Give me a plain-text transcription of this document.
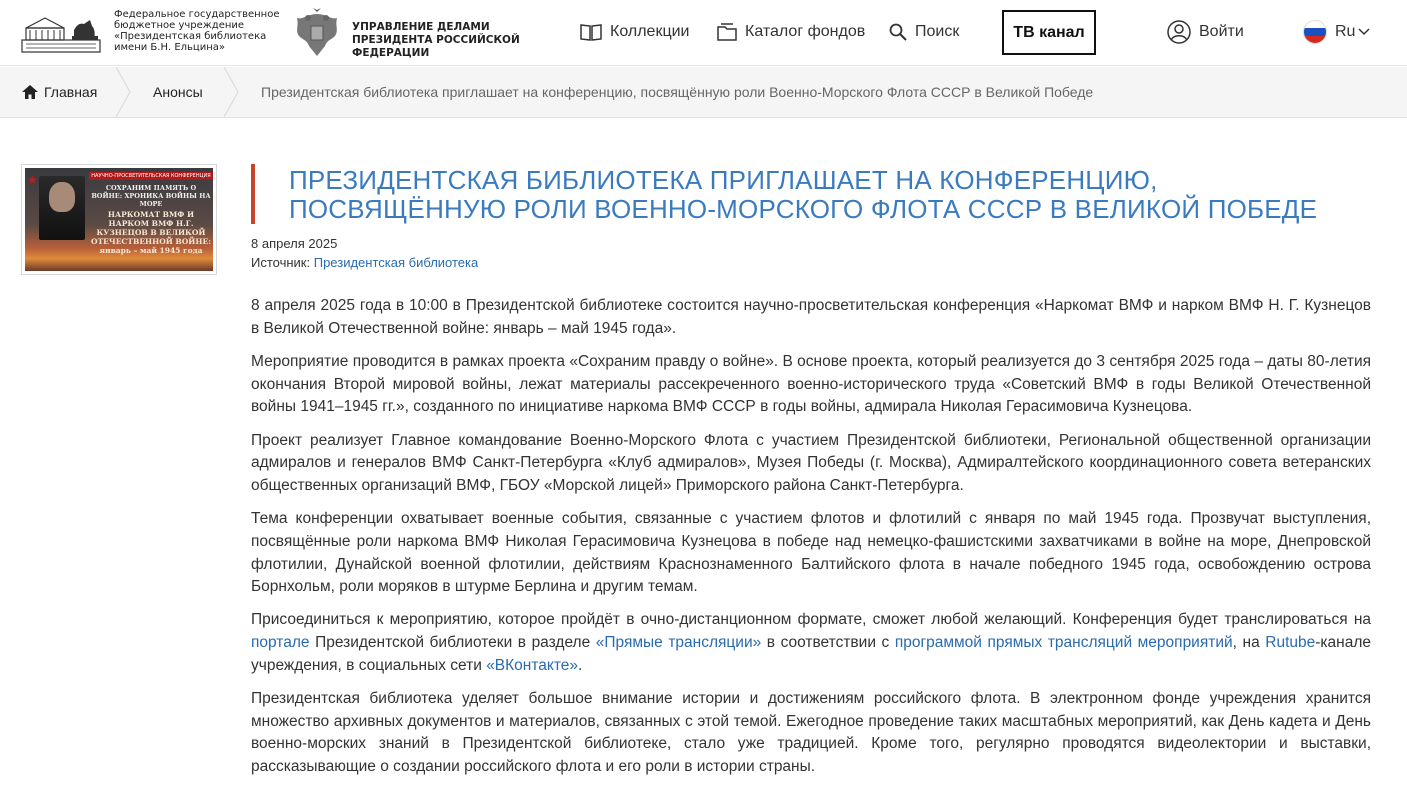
Федеральное государственное бюджетное учреждение «Президентская библиотека имени Б.Н. Ельцина»
УПРАВЛЕНИЕ ДЕЛАМИ ПРЕЗИДЕНТА РОССИЙСКОЙ ФЕДЕРАЦИИ
Коллекции	Каталог фондов	Поиск	ТВ канал	Войти	Ru
Главная	Анонсы	Президентская библиотека приглашает на конференцию, посвящённую роли Военно-Морского Флота СССР в Великой Победе
★	НАУЧНО-ПРОСВЕТИТЕЛЬСКАЯ КОНФЕРЕНЦИЯ
СОХРАНИМ ПАМЯТЬ О ВОЙНЕ: ХРОНИКА ВОЙНЫ НА МОРЕ
НАРКОМАТ ВМФ И НАРКОМ ВМФ Н.Г. КУЗНЕЦОВ В ВЕЛИКОЙ ОТЕЧЕСТВЕННОЙ ВОЙНЕ: январь – май 1945 года
ПРЕЗИДЕНТСКАЯ БИБЛИОТЕКА ПРИГЛАШАЕТ НА КОНФЕРЕНЦИЮ, ПОСВЯЩЁННУЮ РОЛИ ВОЕННО-МОРСКОГО ФЛОТА СССР В ВЕЛИКОЙ ПОБЕДЕ
8 апреля 2025
Источник: Президентская библиотека

8 апреля 2025 года в 10:00 в Президентской библиотеке состоится научно-просветительская конференция «Наркомат ВМФ и нарком ВМФ Н. Г. Кузнецов в Великой Отечественной войне: январь – май 1945 года».

Мероприятие проводится в рамках проекта «Сохраним правду о войне». В основе проекта, который реализуется до 3 сентября 2025 года – даты 80-летия окончания Второй мировой войны, лежат материалы рассекреченного военно-исторического труда «Советский ВМФ в годы Великой Отечественной войны 1941–1945 гг.», созданного по инициативе наркома ВМФ СССР в годы войны, адмирала Николая Герасимовича Кузнецова.

Проект реализует Главное командование Военно-Морского Флота с участием Президентской библиотеки, Региональной общественной организации адмиралов и генералов ВМФ Санкт-Петербурга «Клуб адмиралов», Музея Победы (г. Москва), Адмиралтейского координационного совета ветеранских общественных организаций ВМФ, ГБОУ «Морской лицей» Приморского района Санкт-Петербурга.

Тема конференции охватывает военные события, связанные с участием флотов и флотилий с января по май 1945 года. Прозвучат выступления, посвящённые роли наркома ВМФ Николая Герасимовича Кузнецова в победе над немецко-фашистскими захватчиками в войне на море, Днепровской флотилии, Дунайской военной флотилии, действиям Краснознаменного Балтийского флота в начале победного 1945 года, освобождению острова Борнхольм, роли моряков в штурме Берлина и другим темам.

Присоединиться к мероприятию, которое пройдёт в очно-дистанционном формате, сможет любой желающий. Конференция будет транслироваться на портале Президентской библиотеки в разделе «Прямые трансляции» в соответствии с программой прямых трансляций мероприятий, на Rutube-канале учреждения, в социальных сети «ВКонтакте».

Президентская библиотека уделяет большое внимание истории и достижениям российского флота. В электронном фонде учреждения хранится множество архивных документов и материалов, связанных с этой темой. Ежегодное проведение таких масштабных мероприятий, как День кадета и День военно-морских знаний в Президентской библиотеке, стало уже традицией. Кроме того, регулярно проводятся видеолектории и выставки, рассказывающие о создании российского флота и его роли в истории страны.
